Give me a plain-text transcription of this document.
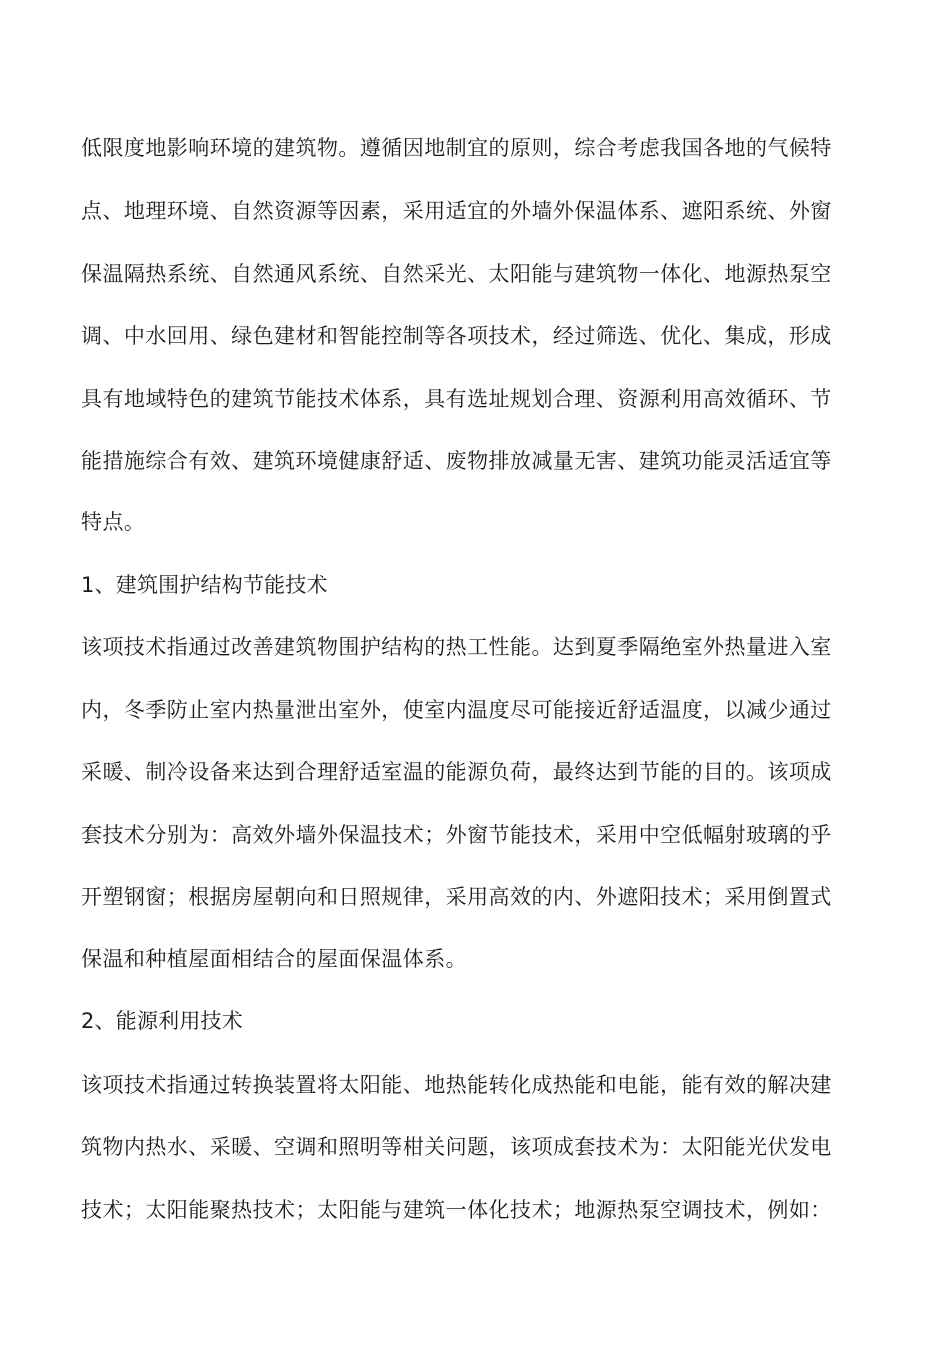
低限度地影响环境的建筑物。遵循因地制宜的原则，综合考虑我国各地的气候特
点、地理环境、自然资源等因素，采用适宜的外墙外保温体系、遮阳系统、外窗
保温隔热系统、自然通风系统、自然采光、太阳能与建筑物一体化、地源热泵空
调、中水回用、绿色建材和智能控制等各项技术，经过筛选、优化、集成，形成
具有地域特色的建筑节能技术体系，具有选址规划合理、资源利用高效循环、节
能措施综合有效、建筑环境健康舒适、废物排放减量无害、建筑功能灵活适宜等
特点。
1、建筑围护结构节能技术
该项技术指通过改善建筑物围护结构的热工性能。达到夏季隔绝室外热量进入室
内，冬季防止室内热量泄出室外，使室内温度尽可能接近舒适温度，以减少通过
采暖、制冷设备来达到合理舒适室温的能源负荷，最终达到节能的目的。该项成
套技术分别为：高效外墙外保温技术；外窗节能技术，采用中空低幅射玻璃的乎
开塑钢窗；根据房屋朝向和日照规律，采用高效的内、外遮阳技术；采用倒置式
保温和种植屋面相结合的屋面保温体系。
2、能源利用技术
该项技术指通过转换装置将太阳能、地热能转化成热能和电能，能有效的解决建
筑物内热水、采暖、空调和照明等柑关问题，该项成套技术为：太阳能光伏发电
技术；太阳能聚热技术；太阳能与建筑一体化技术；地源热泵空调技术，例如：
